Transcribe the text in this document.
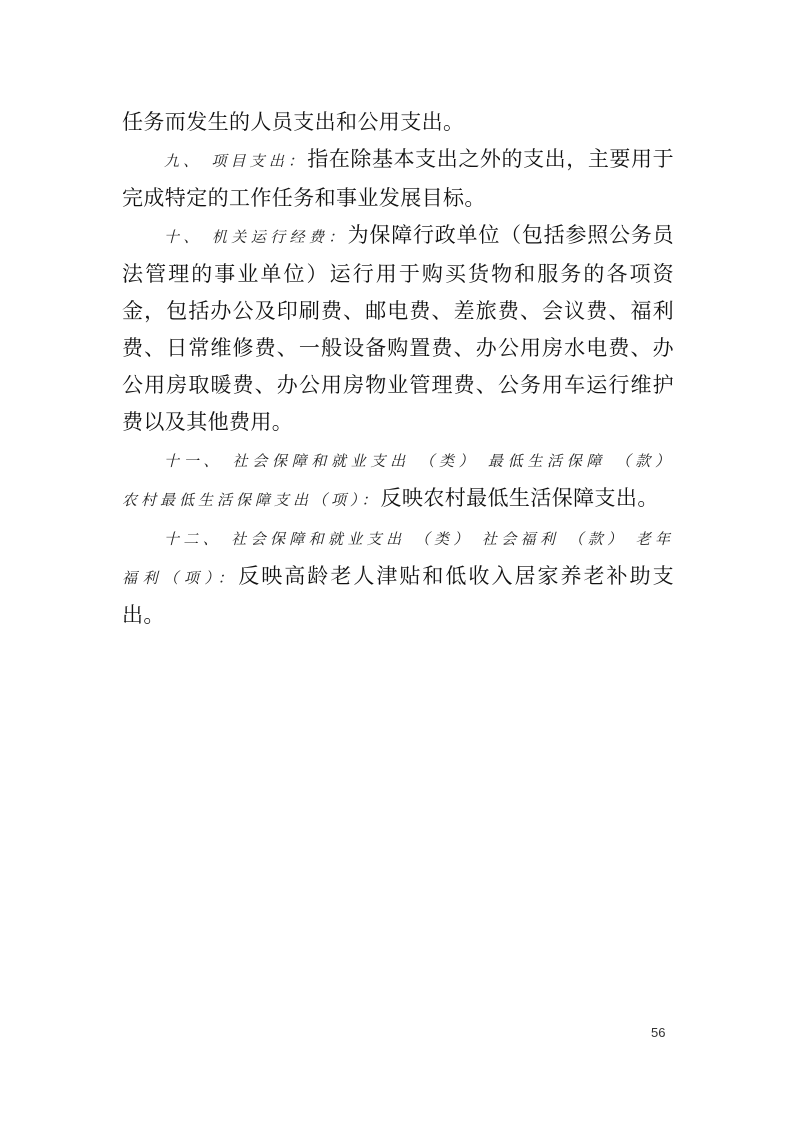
任务而发生的人员支出和公用支出。

九、 项目支出：指在除基本支出之外的支出，主要用于完成特定的工作任务和事业发展目标。

十、 机关运行经费：为保障行政单位（包括参照公务员法管理的事业单位）运行用于购买货物和服务的各项资金，包括办公及印刷费、邮电费、差旅费、会议费、福利费、日常维修费、一般设备购置费、办公用房水电费、办公用房取暖费、办公用房物业管理费、公务用车运行维护费以及其他费用。

十一、 社会保障和就业支出 （类） 最低生活保障 （款） 农村最低生活保障支出（项）：反映农村最低生活保障支出。

十二、 社会保障和就业支出 （类） 社会福利 （款） 老年福利（项）：反映高龄老人津贴和低收入居家养老补助支出。

56
